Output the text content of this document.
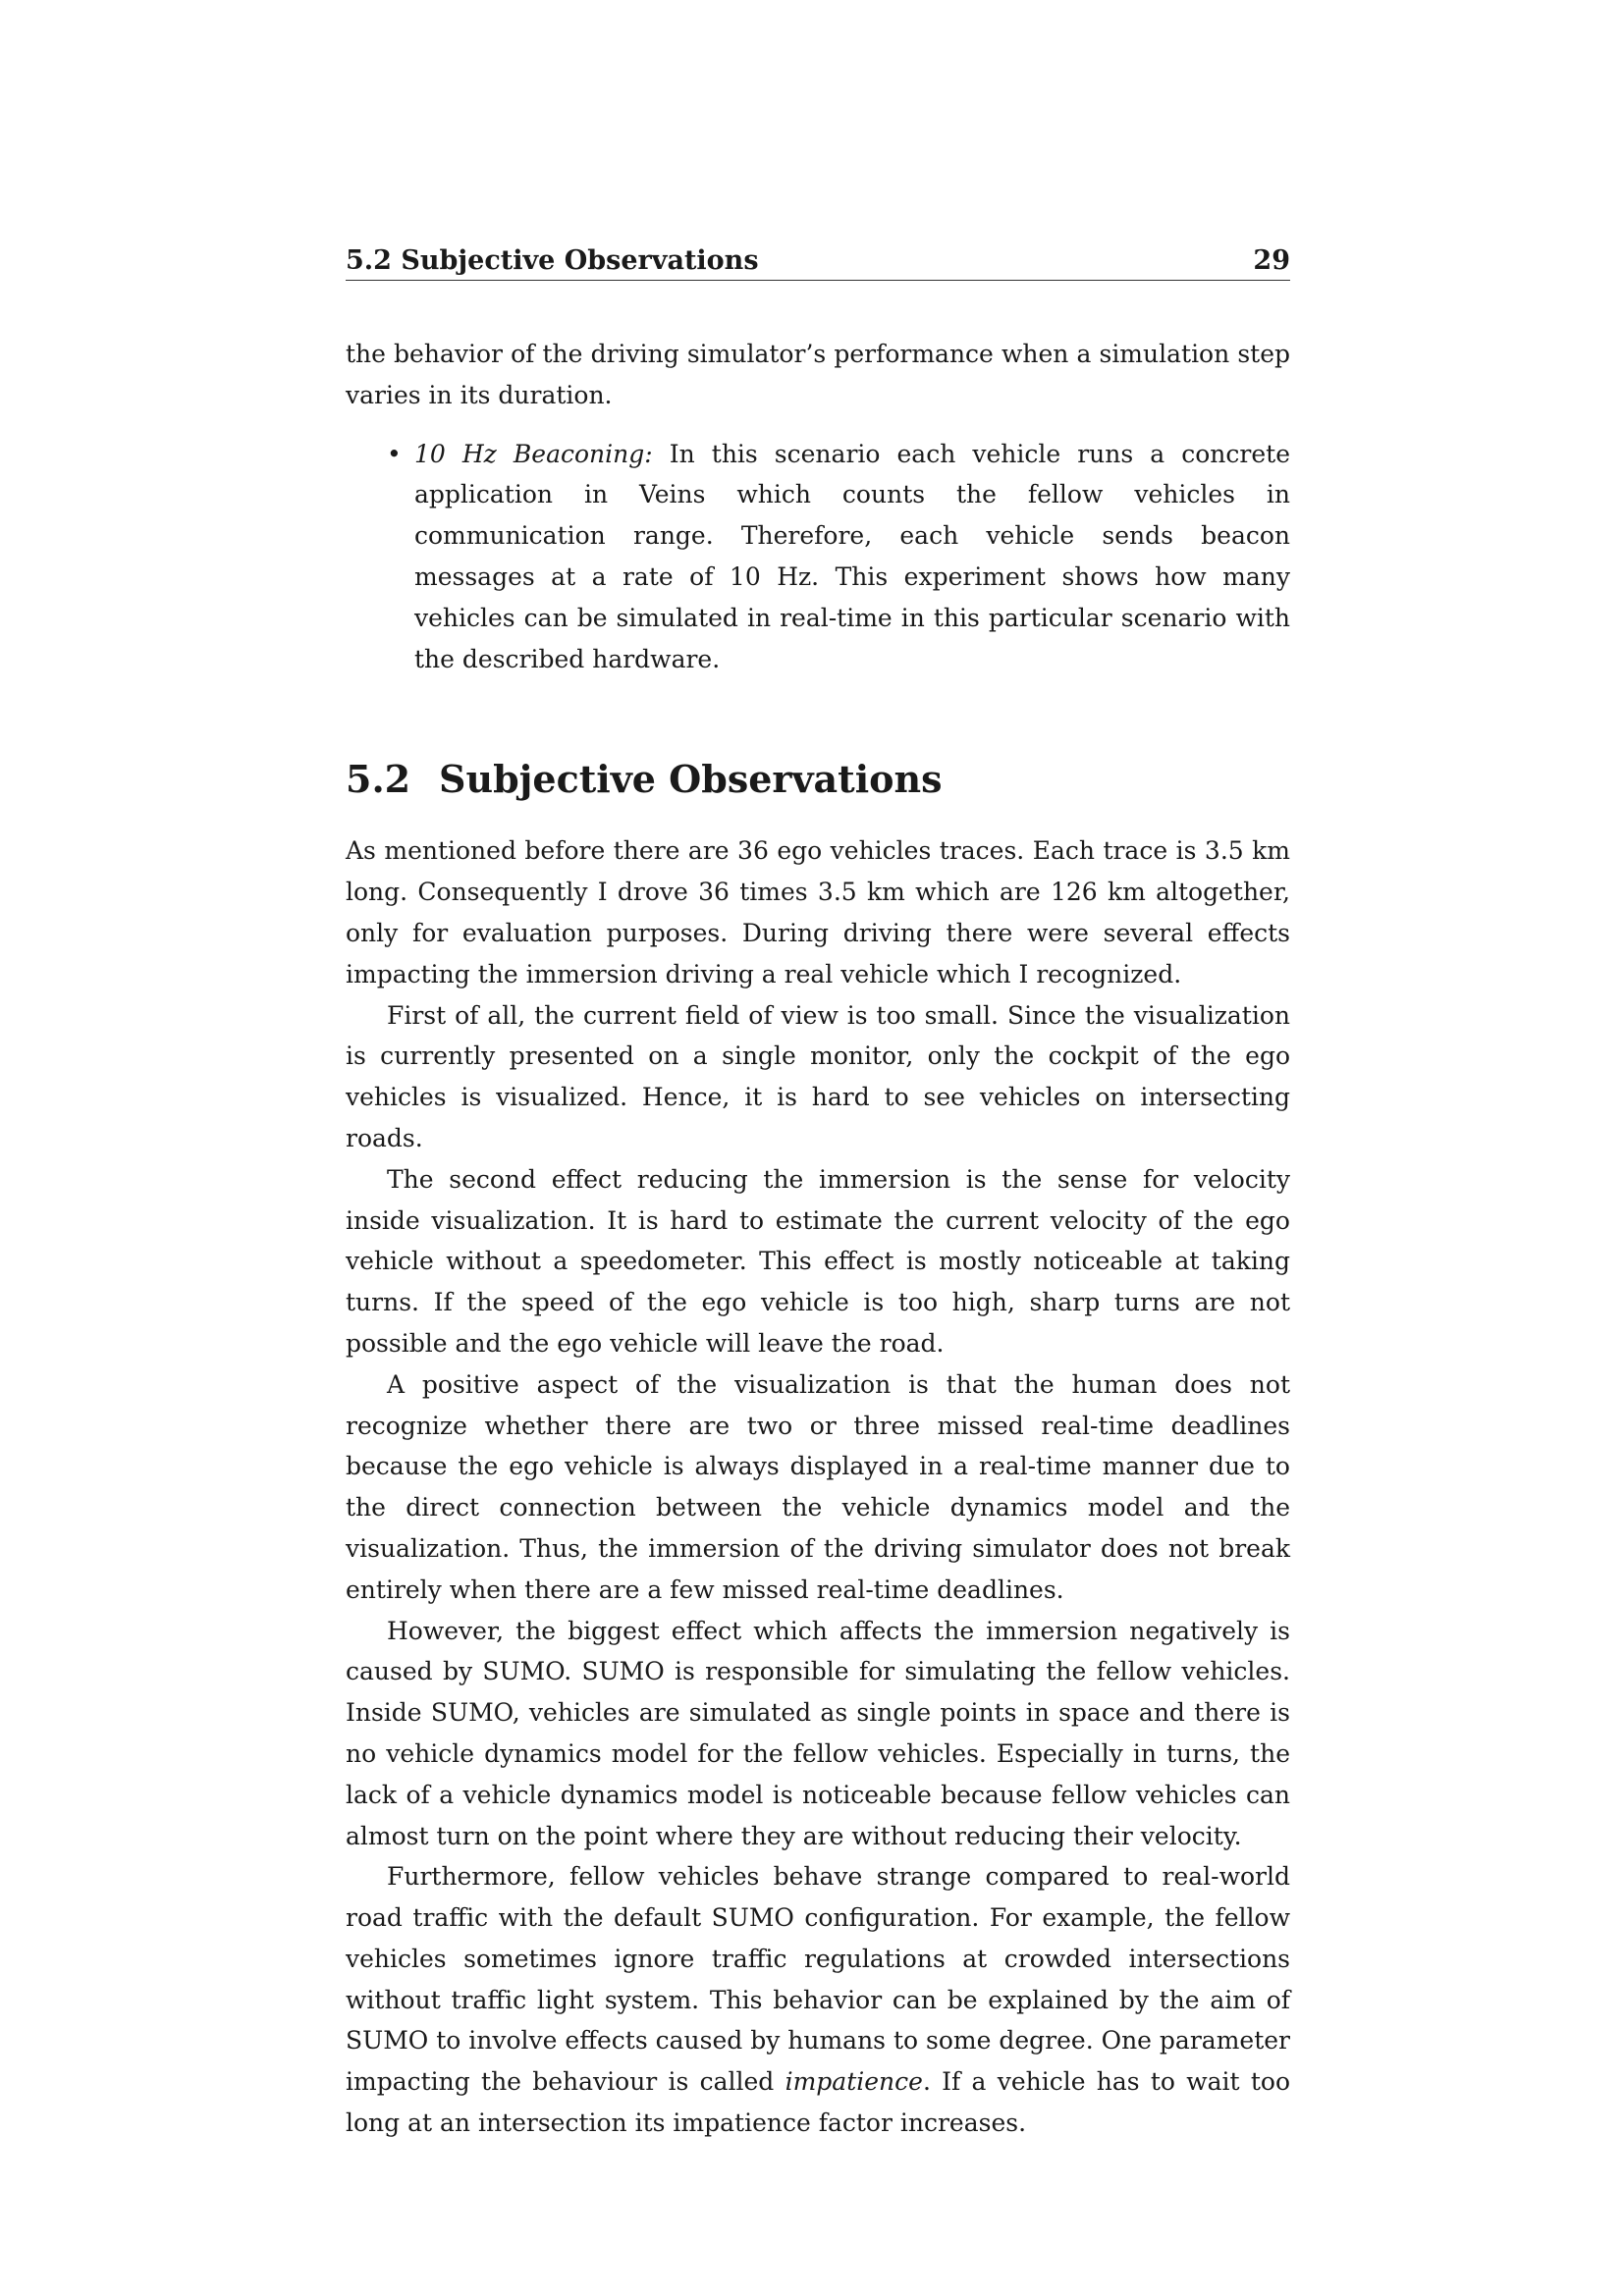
5.2 Subjective Observations	29

the behavior of the driving simulator’s performance when a simulation step varies in its duration.

• 10 Hz Beaconing: In this scenario each vehicle runs a concrete application in Veins which counts the fellow vehicles in communication range. Therefore, each vehicle sends beacon messages at a rate of 10 Hz. This experiment shows how many vehicles can be simulated in real-time in this particular scenario with the described hardware.
5.2 Subjective Observations

As mentioned before there are 36 ego vehicles traces. Each trace is 3.5 km long. Consequently I drove 36 times 3.5 km which are 126 km altogether, only for evaluation purposes. During driving there were several effects impacting the immersion driving a real vehicle which I recognized.

First of all, the current field of view is too small. Since the visualization is currently presented on a single monitor, only the cockpit of the ego vehicles is visualized. Hence, it is hard to see vehicles on intersecting roads.

The second effect reducing the immersion is the sense for velocity inside visualization. It is hard to estimate the current velocity of the ego vehicle without a speedometer. This effect is mostly noticeable at taking turns. If the speed of the ego vehicle is too high, sharp turns are not possible and the ego vehicle will leave the road.

A positive aspect of the visualization is that the human does not recognize whether there are two or three missed real-time deadlines because the ego vehicle is always displayed in a real-time manner due to the direct connection between the vehicle dynamics model and the visualization. Thus, the immersion of the driving simulator does not break entirely when there are a few missed real-time deadlines.

However, the biggest effect which affects the immersion negatively is caused by SUMO. SUMO is responsible for simulating the fellow vehicles. Inside SUMO, vehicles are simulated as single points in space and there is no vehicle dynamics model for the fellow vehicles. Especially in turns, the lack of a vehicle dynamics model is noticeable because fellow vehicles can almost turn on the point where they are without reducing their velocity.

Furthermore, fellow vehicles behave strange compared to real-world road traffic with the default SUMO configuration. For example, the fellow vehicles sometimes ignore traffic regulations at crowded intersections without traffic light system. This behavior can be explained by the aim of SUMO to involve effects caused by humans to some degree. One parameter impacting the behaviour is called impatience. If a vehicle has to wait too long at an intersection its impatience factor increases.
